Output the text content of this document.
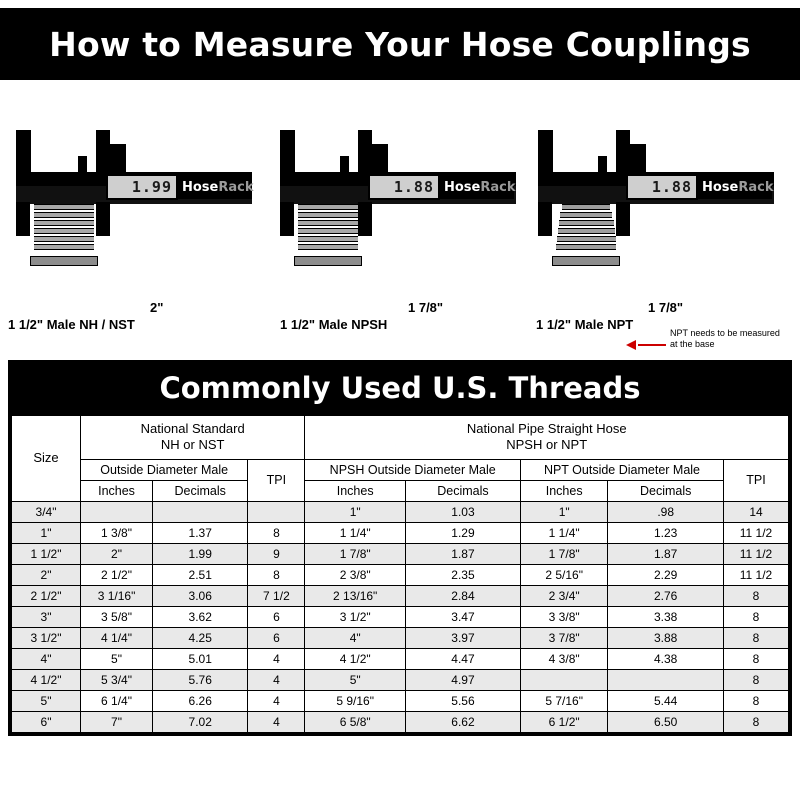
How to Measure Your Hose Couplings
1.99 Hose Rack
2"
1 1/2" Male NH / NST
1.88 Hose Rack
1 7/8"
1 1/2" Male NPSH
1.88 Hose Rack
1 7/8"
NPT needs to be measured at the base
1 1/2" Male NPT
Commonly Used U.S. Threads
Size	National Standard
NH or NST			National Pipe Straight Hose
NPSH or NPT				
	Outside Diameter Male		TPI	NPSH Outside Diameter Male		NPT Outside Diameter Male		TPI
	Inches	Decimals		Inches	Decimals	Inches	Decimals	
3/4"				1"	1.03	1"	.98	14
1"	1 3/8"	1.37	8	1 1/4"	1.29	1 1/4"	1.23	11 1/2
1 1/2"	2"	1.99	9	1 7/8"	1.87	1 7/8"	1.87	11 1/2
2"	2 1/2"	2.51	8	2 3/8"	2.35	2 5/16"	2.29	11 1/2
2 1/2"	3 1/16"	3.06	7 1/2	2 13/16"	2.84	2 3/4"	2.76	8
3"	3 5/8"	3.62	6	3 1/2"	3.47	3 3/8"	3.38	8
3 1/2"	4 1/4"	4.25	6	4"	3.97	3 7/8"	3.88	8
4"	5"	5.01	4	4 1/2"	4.47	4 3/8"	4.38	8
4 1/2"	5 3/4"	5.76	4	5"	4.97			8
5"	6 1/4"	6.26	4	5 9/16"	5.56	5 7/16"	5.44	8
6"	7"	7.02	4	6 5/8"	6.62	6 1/2"	6.50	8
